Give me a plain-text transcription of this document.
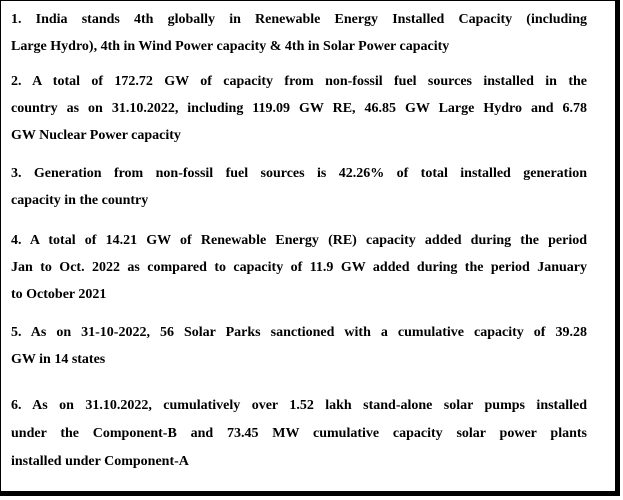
1. India stands 4th globally in Renewable Energy Installed Capacity (including
Large Hydro), 4th in Wind Power capacity & 4th in Solar Power capacity
2. A total of 172.72 GW of capacity from non-fossil fuel sources installed in the
country as on 31.10.2022, including 119.09 GW RE, 46.85 GW Large Hydro and 6.78
GW Nuclear Power capacity
3. Generation from non-fossil fuel sources is 42.26% of total installed generation
capacity in the country
4. A total of 14.21 GW of Renewable Energy (RE) capacity added during the period
Jan to Oct. 2022 as compared to capacity of 11.9 GW added during the period January
to October 2021
5. As on 31-10-2022, 56 Solar Parks sanctioned with a cumulative capacity of 39.28
GW in 14 states
6. As on 31.10.2022, cumulatively over 1.52 lakh stand-alone solar pumps installed
under the Component-B and 73.45 MW cumulative capacity solar power plants
installed under Component-A
